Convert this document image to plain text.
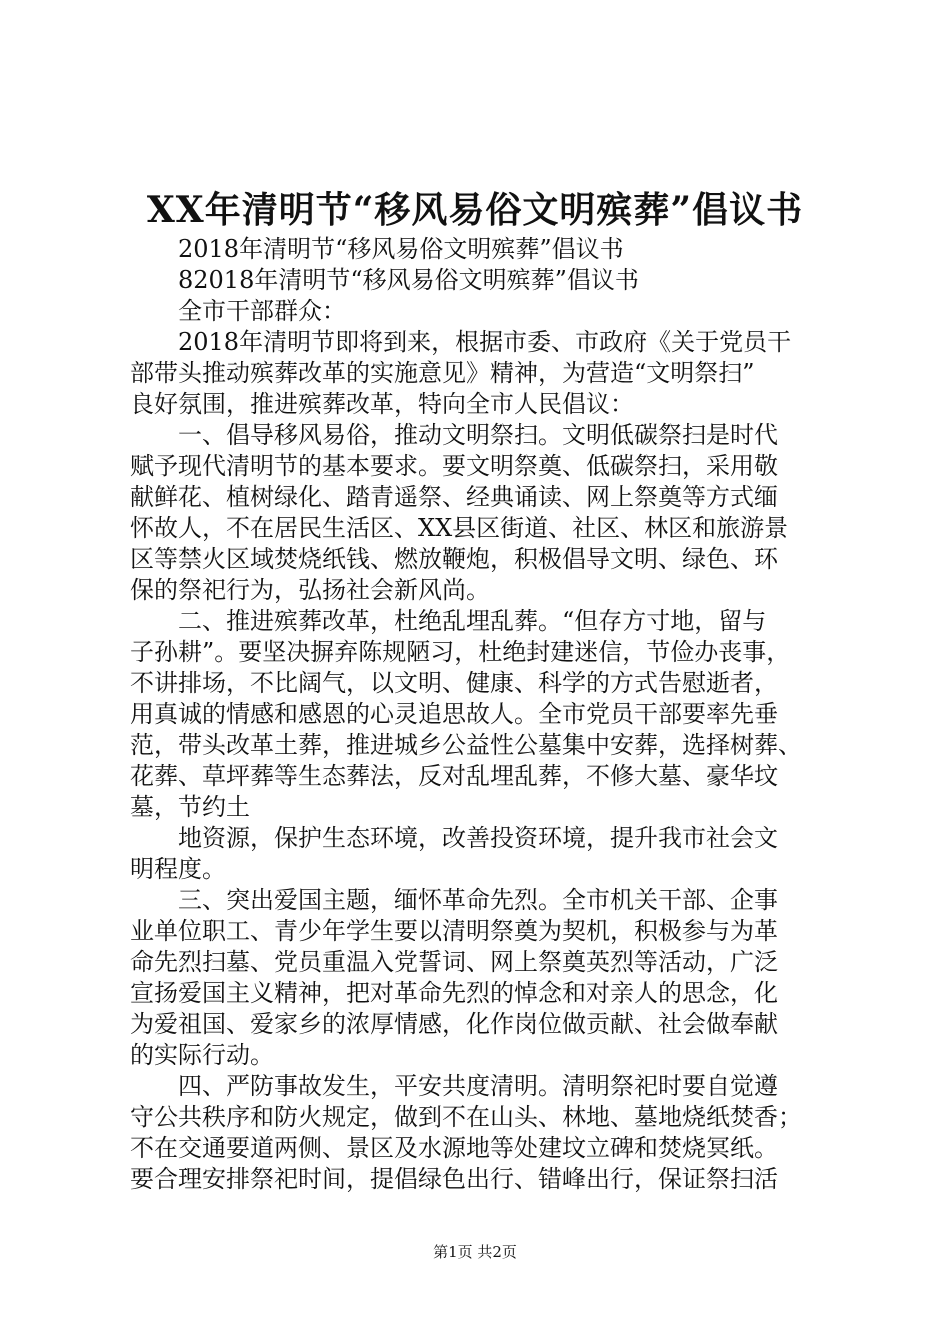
XX年清明节“移风易俗文明殡葬”倡议书
2018年清明节“移风易俗文明殡葬”倡议书
82018年清明节“移风易俗文明殡葬”倡议书
全市干部群众：
2018年清明节即将到来，根据市委、市政府《关于党员干
部带头推动殡葬改革的实施意见》精神，为营造“文明祭扫”
良好氛围，推进殡葬改革，特向全市人民倡议：
一、倡导移风易俗，推动文明祭扫。文明低碳祭扫是时代
赋予现代清明节的基本要求。要文明祭奠、低碳祭扫，采用敬
献鲜花、植树绿化、踏青遥祭、经典诵读、网上祭奠等方式缅
怀故人，不在居民生活区、XX县区街道、社区、林区和旅游景
区等禁火区域焚烧纸钱、燃放鞭炮，积极倡导文明、绿色、环
保的祭祀行为，弘扬社会新风尚。
二、推进殡葬改革，杜绝乱埋乱葬。“但存方寸地，留与
子孙耕”。要坚决摒弃陈规陋习，杜绝封建迷信，节俭办丧事，
不讲排场，不比阔气，以文明、健康、科学的方式告慰逝者，
用真诚的情感和感恩的心灵追思故人。全市党员干部要率先垂
范，带头改革土葬，推进城乡公益性公墓集中安葬，选择树葬、
花葬、草坪葬等生态葬法，反对乱埋乱葬，不修大墓、豪华坟
墓，节约土
地资源，保护生态环境，改善投资环境，提升我市社会文
明程度。
三、突出爱国主题，缅怀革命先烈。全市机关干部、企事
业单位职工、青少年学生要以清明祭奠为契机，积极参与为革
命先烈扫墓、党员重温入党誓词、网上祭奠英烈等活动，广泛
宣扬爱国主义精神，把对革命先烈的悼念和对亲人的思念，化
为爱祖国、爱家乡的浓厚情感，化作岗位做贡献、社会做奉献
的实际行动。
四、严防事故发生，平安共度清明。清明祭祀时要自觉遵
守公共秩序和防火规定，做到不在山头、林地、墓地烧纸焚香；
不在交通要道两侧、景区及水源地等处建坟立碑和焚烧冥纸。
要合理安排祭祀时间，提倡绿色出行、错峰出行，保证祭扫活
第1页 共2页
